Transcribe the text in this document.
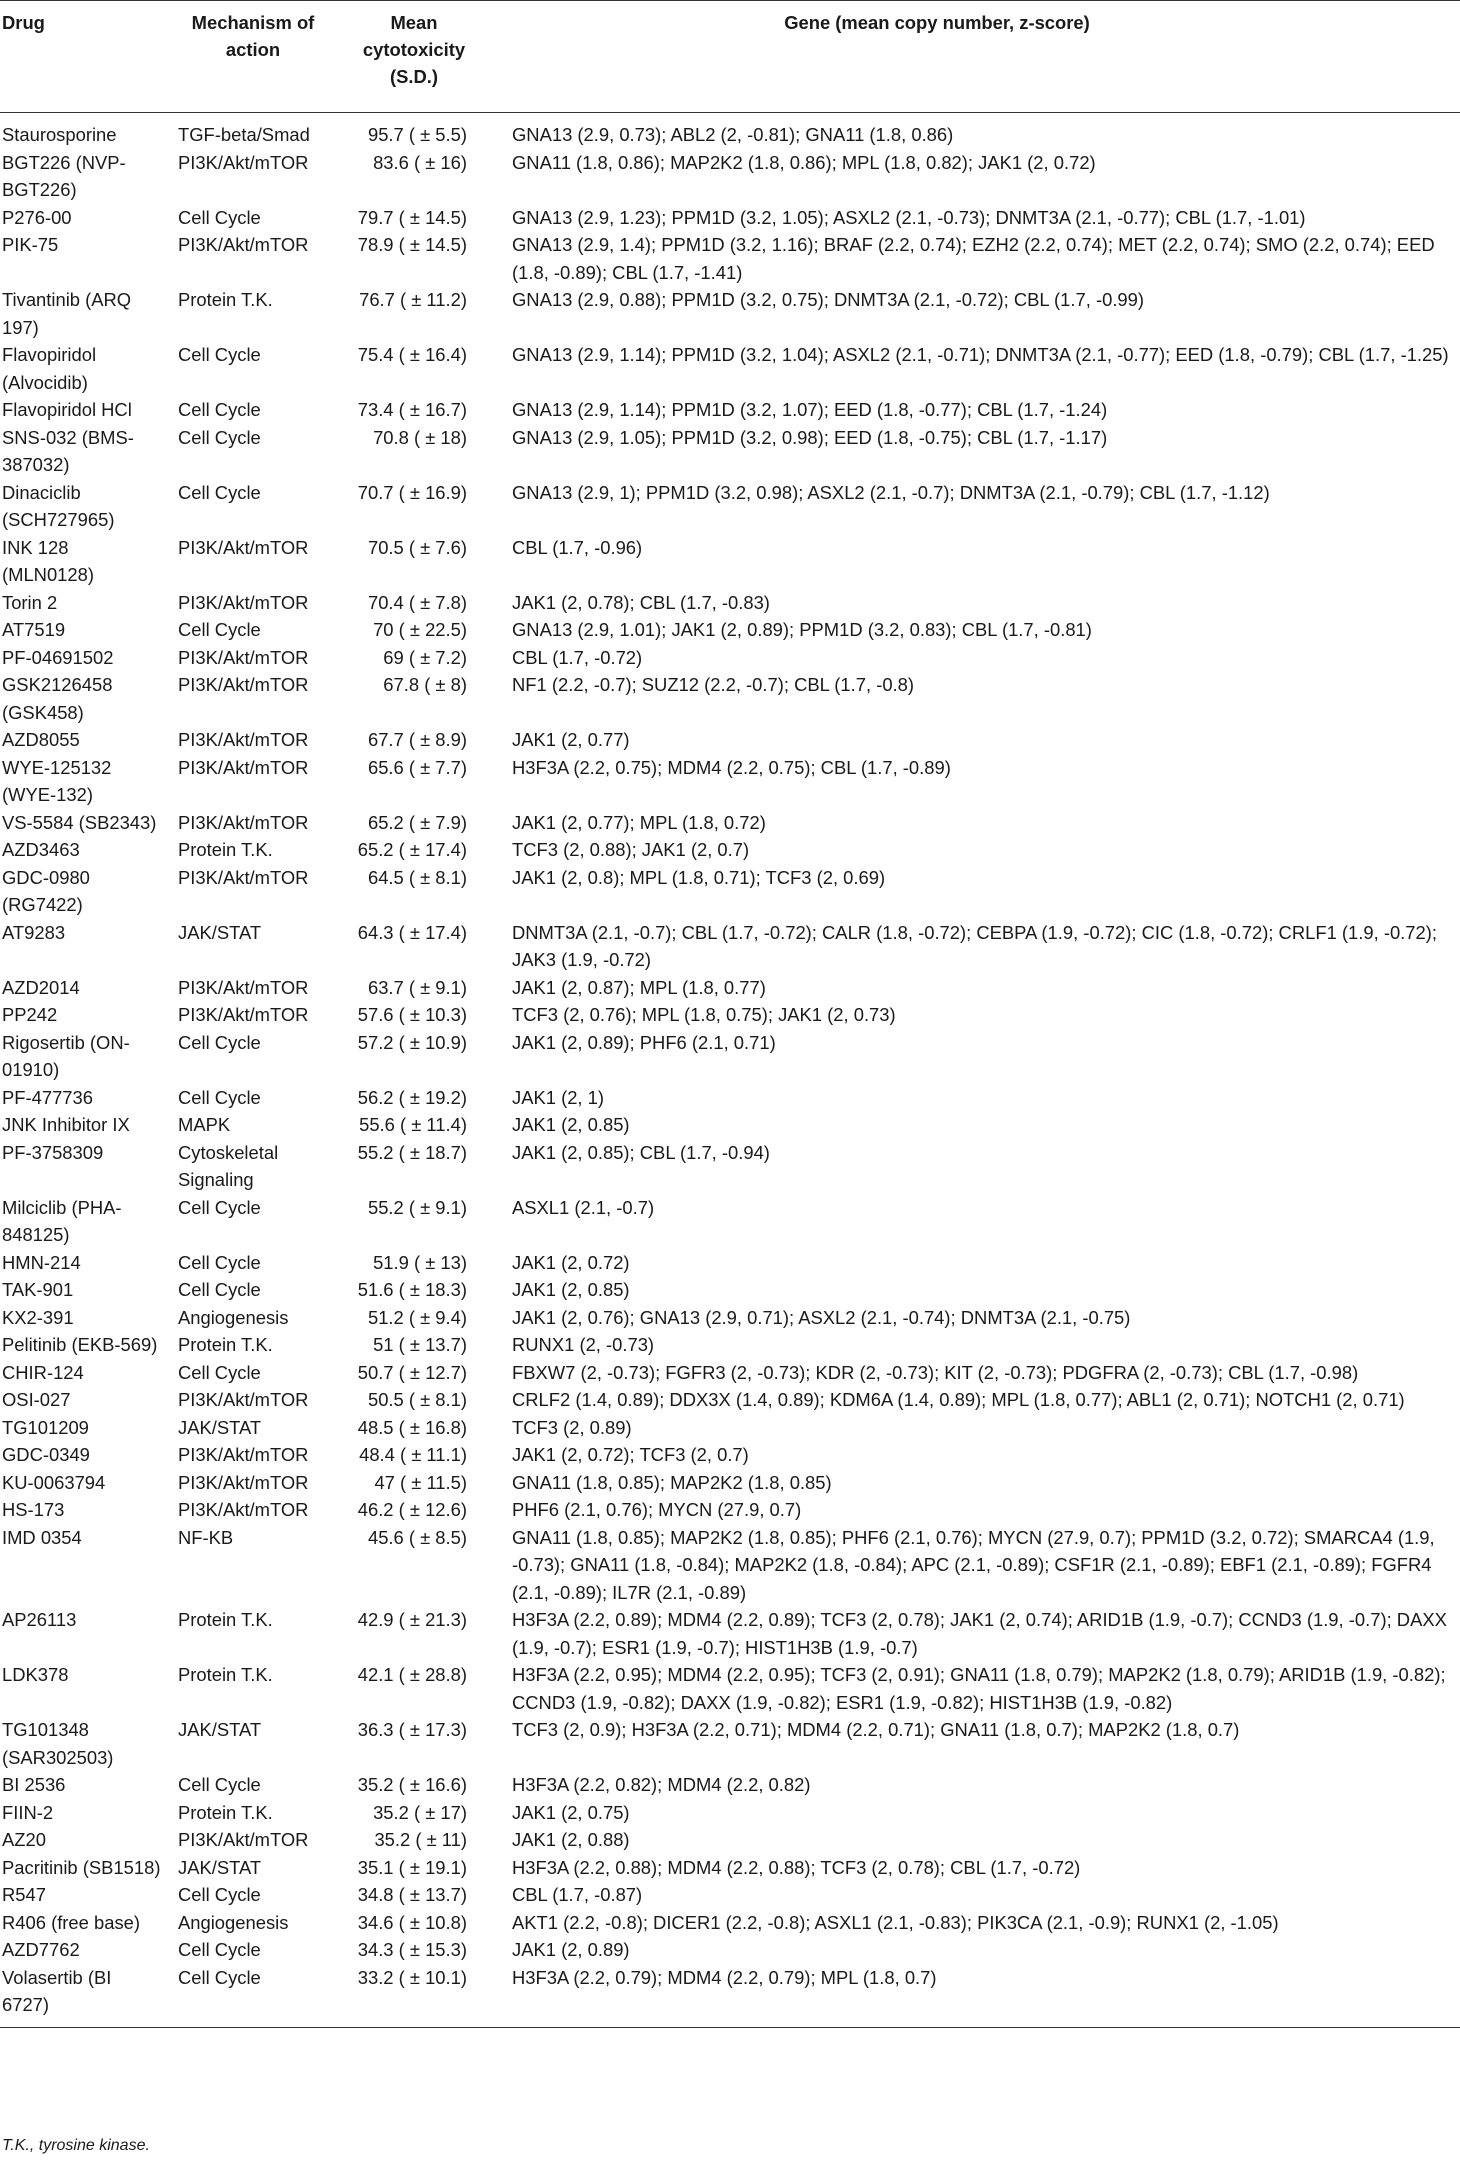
Drug	Mechanism of action	Mean cytotoxicity (S.D.)	Gene (mean copy number, z-score)
Staurosporine	TGF-beta/Smad	95.7 ( ± 5.5)	GNA13 (2.9, 0.73); ABL2 (2, -0.81); GNA11 (1.8, 0.86)
BGT226 (NVP-BGT226)	PI3K/Akt/mTOR	83.6 ( ± 16)	GNA11 (1.8, 0.86); MAP2K2 (1.8, 0.86); MPL (1.8, 0.82); JAK1 (2, 0.72)
P276-00	Cell Cycle	79.7 ( ± 14.5)	GNA13 (2.9, 1.23); PPM1D (3.2, 1.05); ASXL2 (2.1, -0.73); DNMT3A (2.1, -0.77); CBL (1.7, -1.01)
PIK-75	PI3K/Akt/mTOR	78.9 ( ± 14.5)	GNA13 (2.9, 1.4); PPM1D (3.2, 1.16); BRAF (2.2, 0.74); EZH2 (2.2, 0.74); MET (2.2, 0.74); SMO (2.2, 0.74); EED (1.8, -0.89); CBL (1.7, -1.41)
Tivantinib (ARQ 197)	Protein T.K.	76.7 ( ± 11.2)	GNA13 (2.9, 0.88); PPM1D (3.2, 0.75); DNMT3A (2.1, -0.72); CBL (1.7, -0.99)
Flavopiridol (Alvocidib)	Cell Cycle	75.4 ( ± 16.4)	GNA13 (2.9, 1.14); PPM1D (3.2, 1.04); ASXL2 (2.1, -0.71); DNMT3A (2.1, -0.77); EED (1.8, -0.79); CBL (1.7, -1.25)
Flavopiridol HCl	Cell Cycle	73.4 ( ± 16.7)	GNA13 (2.9, 1.14); PPM1D (3.2, 1.07); EED (1.8, -0.77); CBL (1.7, -1.24)
SNS-032 (BMS-387032)	Cell Cycle	70.8 ( ± 18)	GNA13 (2.9, 1.05); PPM1D (3.2, 0.98); EED (1.8, -0.75); CBL (1.7, -1.17)
Dinaciclib (SCH727965)	Cell Cycle	70.7 ( ± 16.9)	GNA13 (2.9, 1); PPM1D (3.2, 0.98); ASXL2 (2.1, -0.7); DNMT3A (2.1, -0.79); CBL (1.7, -1.12)
INK 128 (MLN0128)	PI3K/Akt/mTOR	70.5 ( ± 7.6)	CBL (1.7, -0.96)
Torin 2	PI3K/Akt/mTOR	70.4 ( ± 7.8)	JAK1 (2, 0.78); CBL (1.7, -0.83)
AT7519	Cell Cycle	70 ( ± 22.5)	GNA13 (2.9, 1.01); JAK1 (2, 0.89); PPM1D (3.2, 0.83); CBL (1.7, -0.81)
PF-04691502	PI3K/Akt/mTOR	69 ( ± 7.2)	CBL (1.7, -0.72)
GSK2126458 (GSK458)	PI3K/Akt/mTOR	67.8 ( ± 8)	NF1 (2.2, -0.7); SUZ12 (2.2, -0.7); CBL (1.7, -0.8)
AZD8055	PI3K/Akt/mTOR	67.7 ( ± 8.9)	JAK1 (2, 0.77)
WYE-125132 (WYE-132)	PI3K/Akt/mTOR	65.6 ( ± 7.7)	H3F3A (2.2, 0.75); MDM4 (2.2, 0.75); CBL (1.7, -0.89)
VS-5584 (SB2343)	PI3K/Akt/mTOR	65.2 ( ± 7.9)	JAK1 (2, 0.77); MPL (1.8, 0.72)
AZD3463	Protein T.K.	65.2 ( ± 17.4)	TCF3 (2, 0.88); JAK1 (2, 0.7)
GDC-0980 (RG7422)	PI3K/Akt/mTOR	64.5 ( ± 8.1)	JAK1 (2, 0.8); MPL (1.8, 0.71); TCF3 (2, 0.69)
AT9283	JAK/STAT	64.3 ( ± 17.4)	DNMT3A (2.1, -0.7); CBL (1.7, -0.72); CALR (1.8, -0.72); CEBPA (1.9, -0.72); CIC (1.8, -0.72); CRLF1 (1.9, -0.72); JAK3 (1.9, -0.72)
AZD2014	PI3K/Akt/mTOR	63.7 ( ± 9.1)	JAK1 (2, 0.87); MPL (1.8, 0.77)
PP242	PI3K/Akt/mTOR	57.6 ( ± 10.3)	TCF3 (2, 0.76); MPL (1.8, 0.75); JAK1 (2, 0.73)
Rigosertib (ON-01910)	Cell Cycle	57.2 ( ± 10.9)	JAK1 (2, 0.89); PHF6 (2.1, 0.71)
PF-477736	Cell Cycle	56.2 ( ± 19.2)	JAK1 (2, 1)
JNK Inhibitor IX	MAPK	55.6 ( ± 11.4)	JAK1 (2, 0.85)
PF-3758309	Cytoskeletal Signaling	55.2 ( ± 18.7)	JAK1 (2, 0.85); CBL (1.7, -0.94)
Milciclib (PHA-848125)	Cell Cycle	55.2 ( ± 9.1)	ASXL1 (2.1, -0.7)
HMN-214	Cell Cycle	51.9 ( ± 13)	JAK1 (2, 0.72)
TAK-901	Cell Cycle	51.6 ( ± 18.3)	JAK1 (2, 0.85)
KX2-391	Angiogenesis	51.2 ( ± 9.4)	JAK1 (2, 0.76); GNA13 (2.9, 0.71); ASXL2 (2.1, -0.74); DNMT3A (2.1, -0.75)
Pelitinib (EKB-569)	Protein T.K.	51 ( ± 13.7)	RUNX1 (2, -0.73)
CHIR-124	Cell Cycle	50.7 ( ± 12.7)	FBXW7 (2, -0.73); FGFR3 (2, -0.73); KDR (2, -0.73); KIT (2, -0.73); PDGFRA (2, -0.73); CBL (1.7, -0.98)
OSI-027	PI3K/Akt/mTOR	50.5 ( ± 8.1)	CRLF2 (1.4, 0.89); DDX3X (1.4, 0.89); KDM6A (1.4, 0.89); MPL (1.8, 0.77); ABL1 (2, 0.71); NOTCH1 (2, 0.71)
TG101209	JAK/STAT	48.5 ( ± 16.8)	TCF3 (2, 0.89)
GDC-0349	PI3K/Akt/mTOR	48.4 ( ± 11.1)	JAK1 (2, 0.72); TCF3 (2, 0.7)
KU-0063794	PI3K/Akt/mTOR	47 ( ± 11.5)	GNA11 (1.8, 0.85); MAP2K2 (1.8, 0.85)
HS-173	PI3K/Akt/mTOR	46.2 ( ± 12.6)	PHF6 (2.1, 0.76); MYCN (27.9, 0.7)
IMD 0354	NF-KB	45.6 ( ± 8.5)	GNA11 (1.8, 0.85); MAP2K2 (1.8, 0.85); PHF6 (2.1, 0.76); MYCN (27.9, 0.7); PPM1D (3.2, 0.72); SMARCA4 (1.9, -0.73); GNA11 (1.8, -0.84); MAP2K2 (1.8, -0.84); APC (2.1, -0.89); CSF1R (2.1, -0.89); EBF1 (2.1, -0.89); FGFR4 (2.1, -0.89); IL7R (2.1, -0.89)
AP26113	Protein T.K.	42.9 ( ± 21.3)	H3F3A (2.2, 0.89); MDM4 (2.2, 0.89); TCF3 (2, 0.78); JAK1 (2, 0.74); ARID1B (1.9, -0.7); CCND3 (1.9, -0.7); DAXX (1.9, -0.7); ESR1 (1.9, -0.7); HIST1H3B (1.9, -0.7)
LDK378	Protein T.K.	42.1 ( ± 28.8)	H3F3A (2.2, 0.95); MDM4 (2.2, 0.95); TCF3 (2, 0.91); GNA11 (1.8, 0.79); MAP2K2 (1.8, 0.79); ARID1B (1.9, -0.82); CCND3 (1.9, -0.82); DAXX (1.9, -0.82); ESR1 (1.9, -0.82); HIST1H3B (1.9, -0.82)
TG101348 (SAR302503)	JAK/STAT	36.3 ( ± 17.3)	TCF3 (2, 0.9); H3F3A (2.2, 0.71); MDM4 (2.2, 0.71); GNA11 (1.8, 0.7); MAP2K2 (1.8, 0.7)
BI 2536	Cell Cycle	35.2 ( ± 16.6)	H3F3A (2.2, 0.82); MDM4 (2.2, 0.82)
FIIN-2	Protein T.K.	35.2 ( ± 17)	JAK1 (2, 0.75)
AZ20	PI3K/Akt/mTOR	35.2 ( ± 11)	JAK1 (2, 0.88)
Pacritinib (SB1518)	JAK/STAT	35.1 ( ± 19.1)	H3F3A (2.2, 0.88); MDM4 (2.2, 0.88); TCF3 (2, 0.78); CBL (1.7, -0.72)
R547	Cell Cycle	34.8 ( ± 13.7)	CBL (1.7, -0.87)
R406 (free base)	Angiogenesis	34.6 ( ± 10.8)	AKT1 (2.2, -0.8); DICER1 (2.2, -0.8); ASXL1 (2.1, -0.83); PIK3CA (2.1, -0.9); RUNX1 (2, -1.05)
AZD7762	Cell Cycle	34.3 ( ± 15.3)	JAK1 (2, 0.89)
Volasertib (BI 6727)	Cell Cycle	33.2 ( ± 10.1)	H3F3A (2.2, 0.79); MDM4 (2.2, 0.79); MPL (1.8, 0.7)
T.K., tyrosine kinase.
